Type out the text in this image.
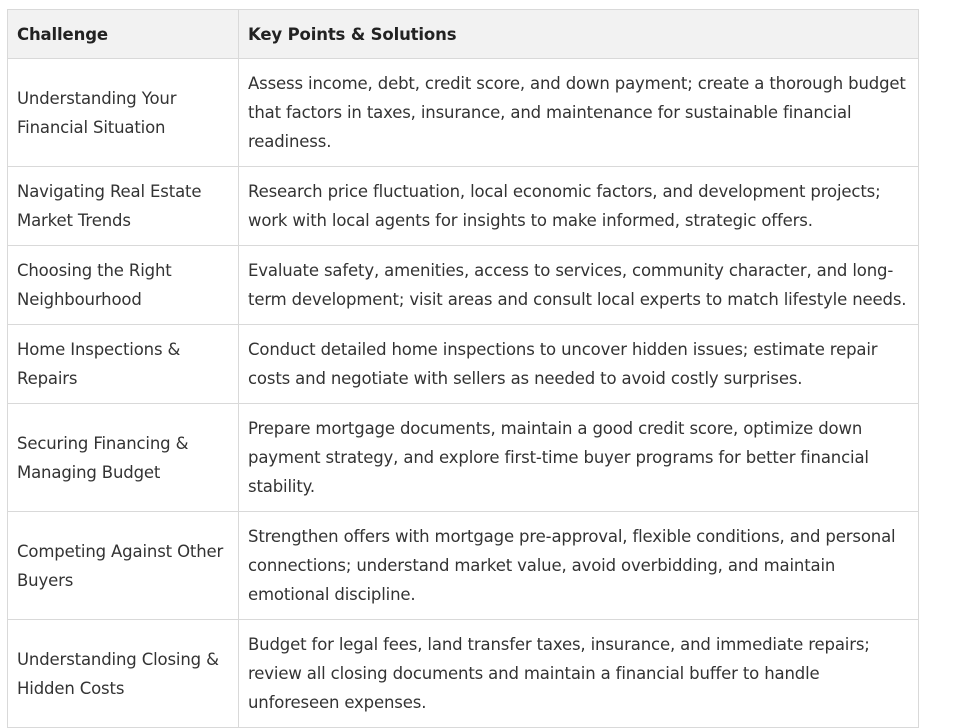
Challenge	Key Points & Solutions
Understanding Your Financial Situation	Assess income, debt, credit score, and down payment; create a thorough budget that factors in taxes, insurance, and maintenance for sustainable financial readiness.
Navigating Real Estate Market Trends	Research price fluctuation, local economic factors, and development projects; work with local agents for insights to make informed, strategic offers.
Choosing the Right Neighbourhood	Evaluate safety, amenities, access to services, community character, and long-term development; visit areas and consult local experts to match lifestyle needs.
Home Inspections & Repairs	Conduct detailed home inspections to uncover hidden issues; estimate repair costs and negotiate with sellers as needed to avoid costly surprises.
Securing Financing & Managing Budget	Prepare mortgage documents, maintain a good credit score, optimize down payment strategy, and explore first-time buyer programs for better financial stability.
Competing Against Other Buyers	Strengthen offers with mortgage pre-approval, flexible conditions, and personal connections; understand market value, avoid overbidding, and maintain emotional discipline.
Understanding Closing & Hidden Costs	Budget for legal fees, land transfer taxes, insurance, and immediate repairs; review all closing documents and maintain a financial buffer to handle unforeseen expenses.
